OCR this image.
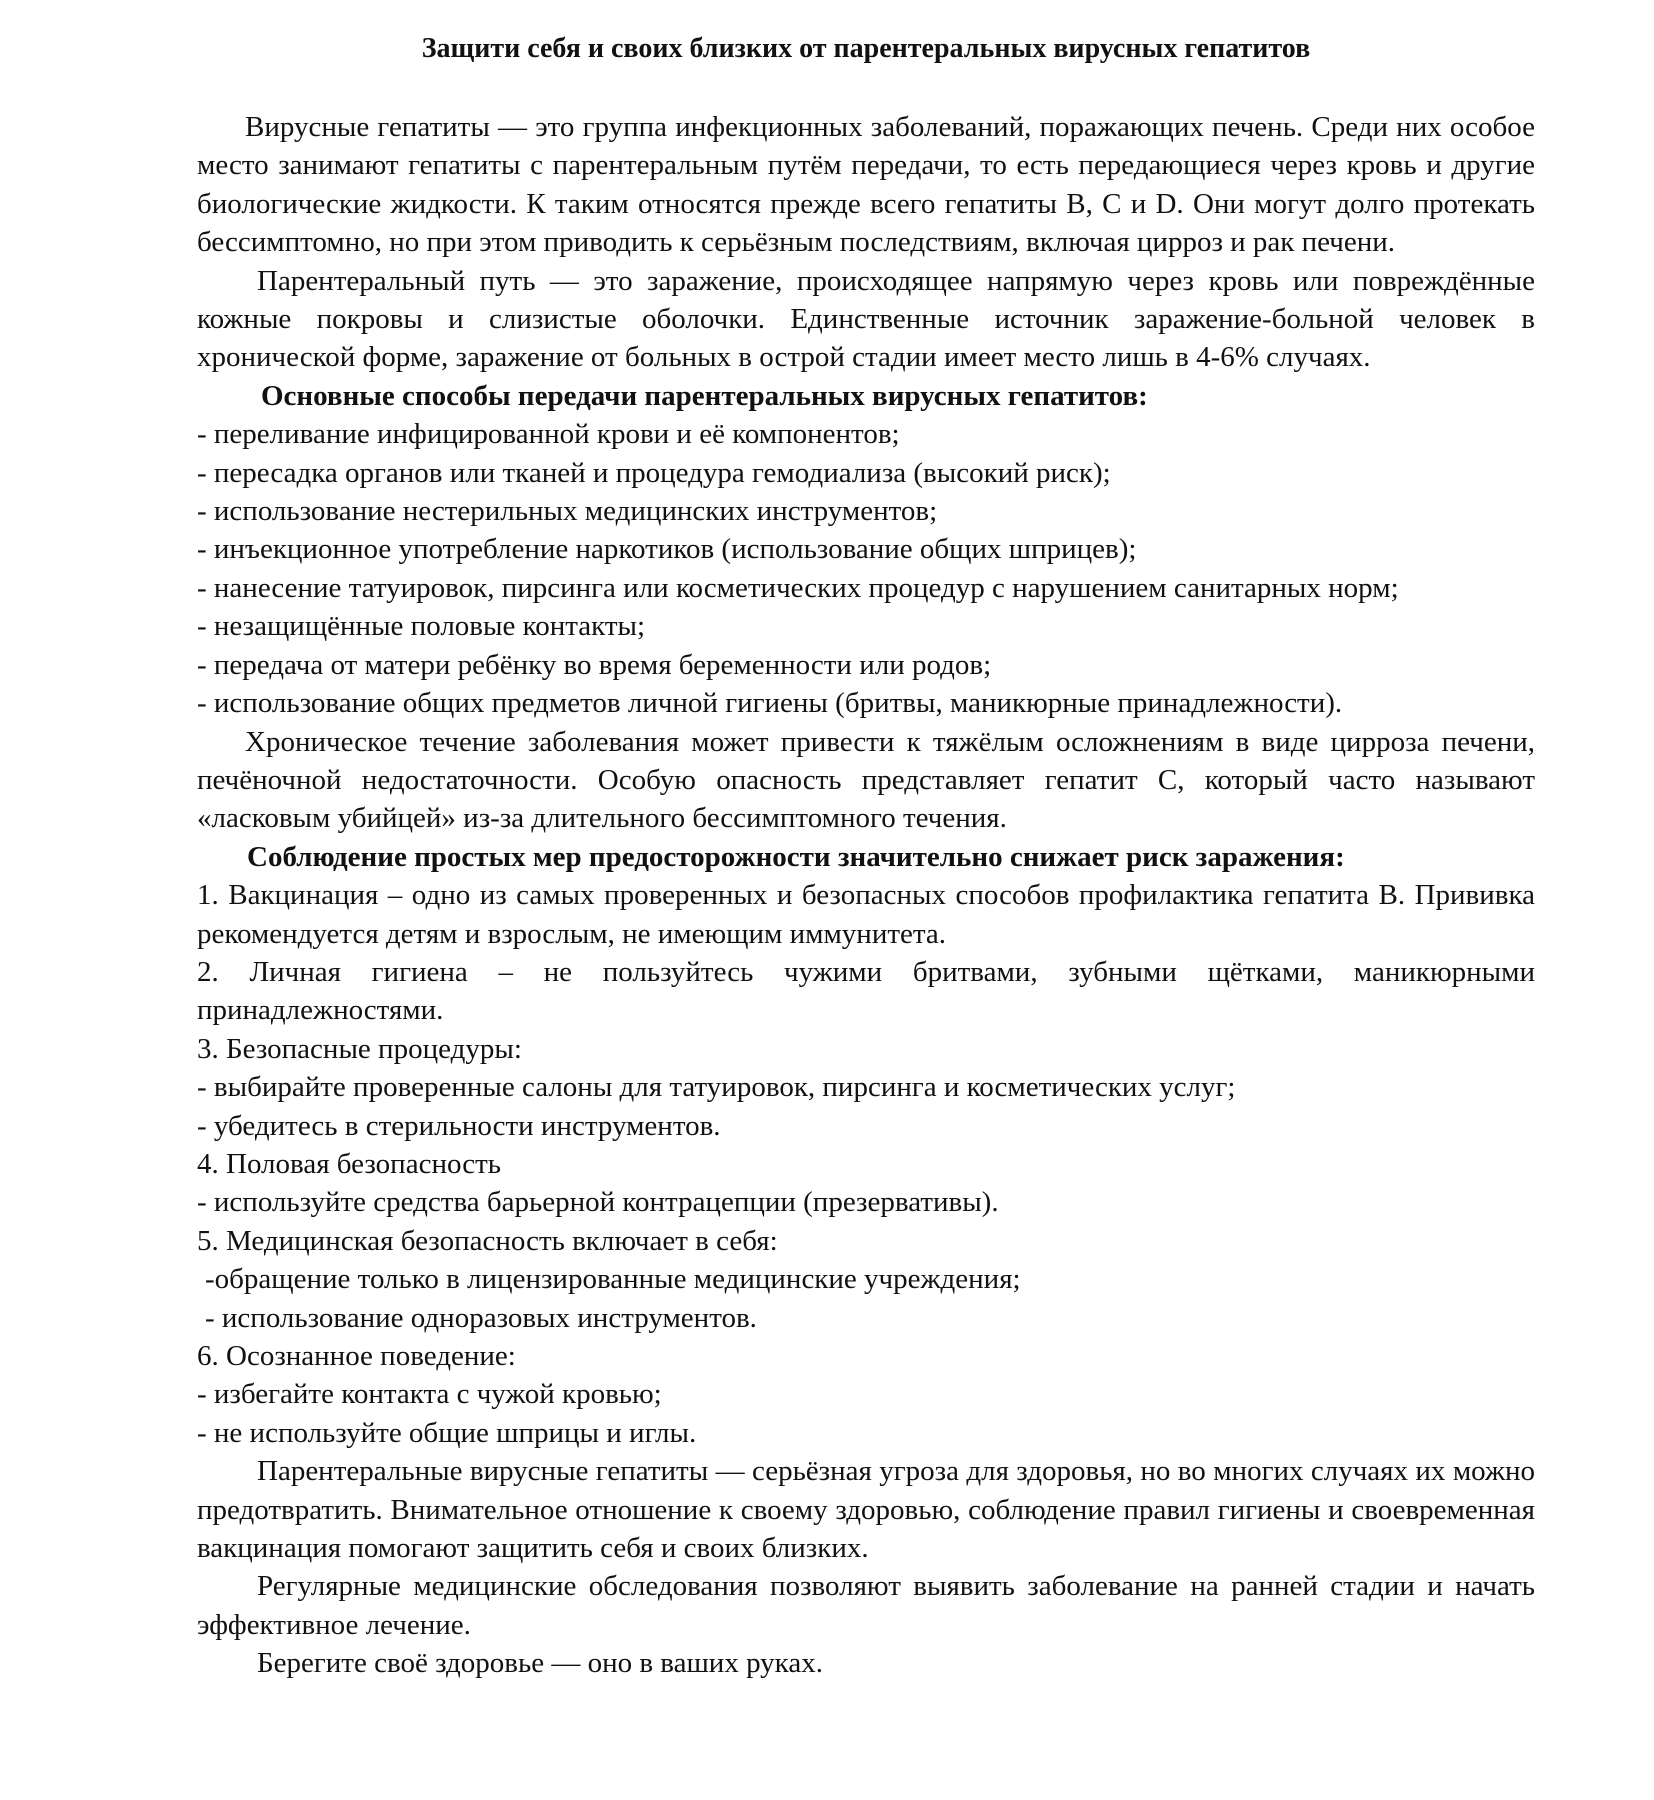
Защити себя и своих близких от парентеральных вирусных гепатитов

Вирусные гепатиты — это группа инфекционных заболеваний, поражающих печень. Среди них особое место занимают гепатиты с парентеральным путём передачи, то есть передающиеся через кровь и другие биологические жидкости. К таким относятся прежде всего гепатиты B, C и D. Они могут долго протекать бессимптомно, но при этом приводить к серьёзным последствиям, включая цирроз и рак печени.

Парентеральный путь — это заражение, происходящее напрямую через кровь или повреждённые кожные покровы и слизистые оболочки. Единственные источник заражение-больной человек в хронической форме, заражение от больных в острой стадии имеет место лишь в 4-6% случаях.

Основные способы передачи парентеральных вирусных гепатитов:

- переливание инфицированной крови и её компонентов;

- пересадка органов или тканей и процедура гемодиализа (высокий риск);

- использование нестерильных медицинских инструментов;

- инъекционное употребление наркотиков (использование общих шприцев);

- нанесение татуировок, пирсинга или косметических процедур с нарушением санитарных норм;

- незащищённые половые контакты;

- передача от матери ребёнку во время беременности или родов;

- использование общих предметов личной гигиены (бритвы, маникюрные принадлежности).

Хроническое течение заболевания может привести к тяжёлым осложнениям в виде цирроза печени, печёночной недостаточности. Особую опасность представляет гепатит С, который часто называют «ласковым убийцей» из-за длительного бессимптомного течения.

Соблюдение простых мер предосторожности значительно снижает риск заражения:

1. Вакцинация – одно из самых проверенных и безопасных способов профилактика гепатита B. Прививка рекомендуется детям и взрослым, не имеющим иммунитета.

2. Личная гигиена – не пользуйтесь чужими бритвами, зубными щётками, маникюрными принадлежностями.

3. Безопасные процедуры:

- выбирайте проверенные салоны для татуировок, пирсинга и косметических услуг;

- убедитесь в стерильности инструментов.

4. Половая безопасность

- используйте средства барьерной контрацепции (презервативы).

5. Медицинская безопасность включает в себя:

-обращение только в лицензированные медицинские учреждения;

- использование одноразовых инструментов.

6. Осознанное поведение:

- избегайте контакта с чужой кровью;

- не используйте общие шприцы и иглы.

Парентеральные вирусные гепатиты — серьёзная угроза для здоровья, но во многих случаях их можно предотвратить. Внимательное отношение к своему здоровью, соблюдение правил гигиены и своевременная вакцинация помогают защитить себя и своих близких.

Регулярные медицинские обследования позволяют выявить заболевание на ранней стадии и начать эффективное лечение.

Берегите своё здоровье — оно в ваших руках.
